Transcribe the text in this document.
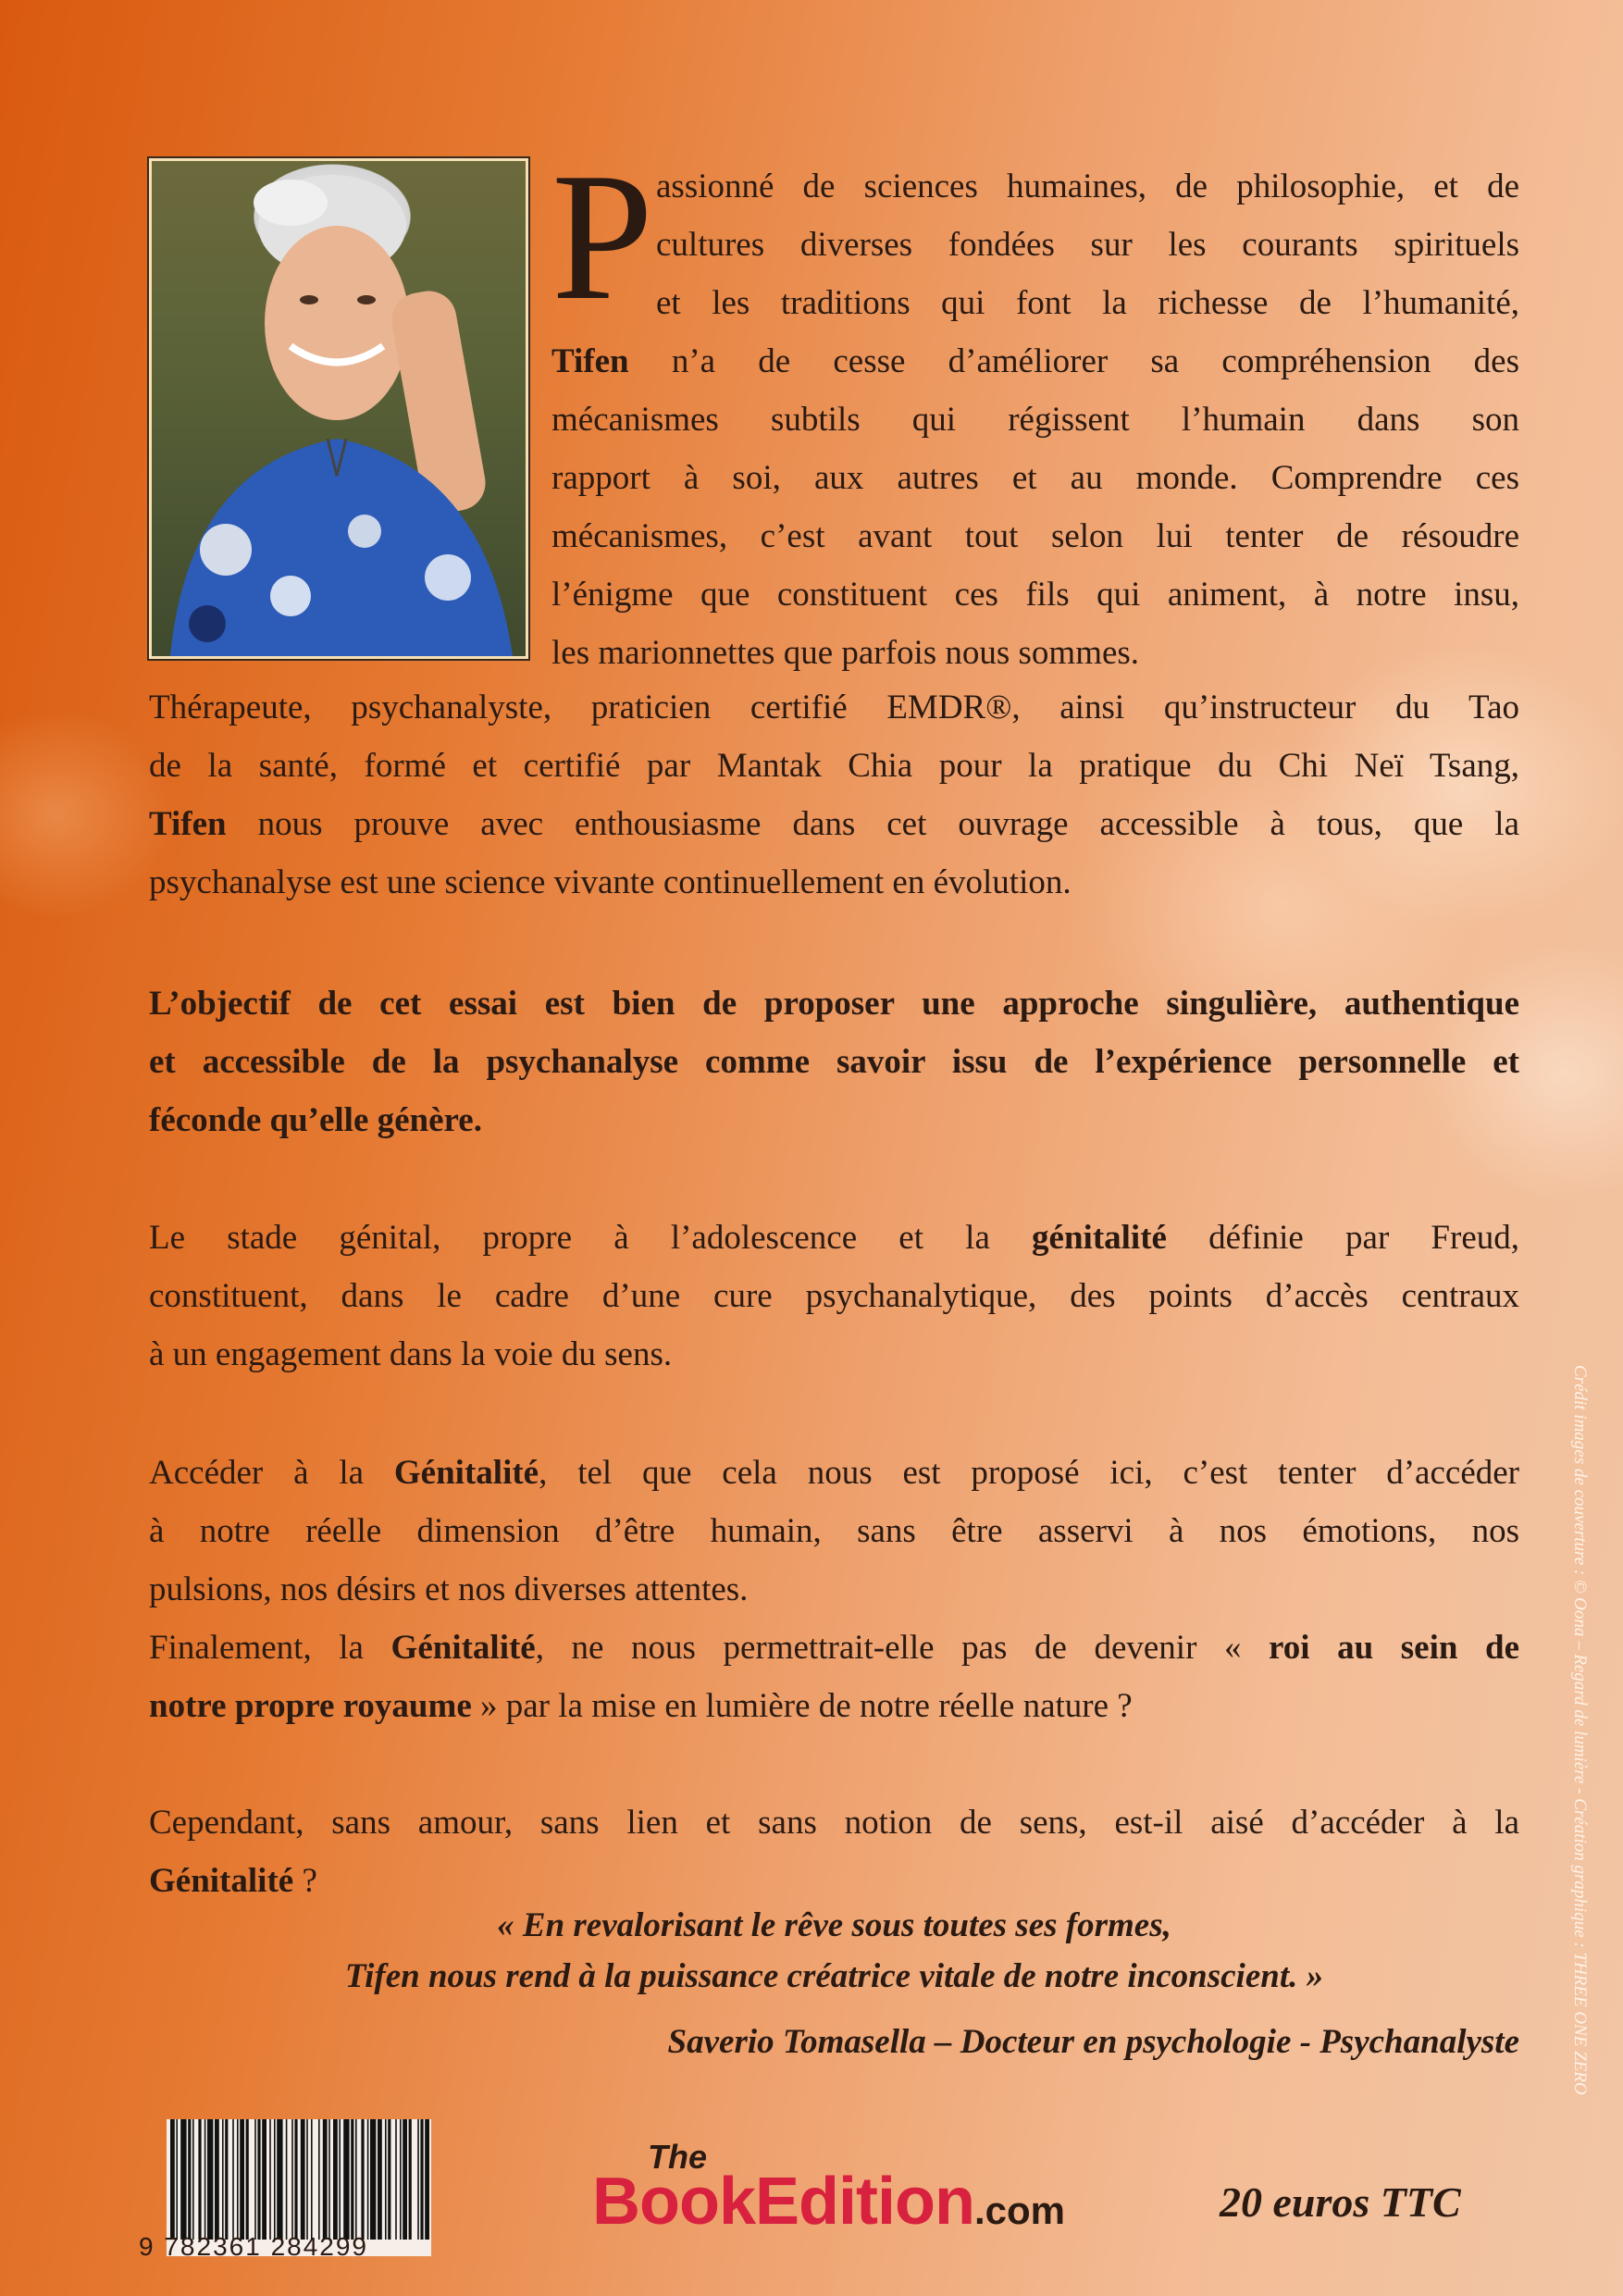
P assionné de sciences humaines, de philosophie, et de
cultures diverses fondées sur les courants spirituels
et les traditions qui font la richesse de l’humanité,
Tifen n’a de cesse d’améliorer sa compréhension des
mécanismes subtils qui régissent l’humain dans son
rapport à soi, aux autres et au monde. Comprendre ces
mécanismes, c’est avant tout selon lui tenter de résoudre
l’énigme que constituent ces fils qui animent, à notre insu,
les marionnettes que parfois nous sommes.
Thérapeute, psychanalyste, praticien certifié EMDR®, ainsi qu’instructeur du Tao
de la santé, formé et certifié par Mantak Chia pour la pratique du Chi Neï Tsang,
Tifen nous prouve avec enthousiasme dans cet ouvrage accessible à tous, que la
psychanalyse est une science vivante continuellement en évolution.
L’objectif de cet essai est bien de proposer une approche singulière, authentique
et accessible de la psychanalyse comme savoir issu de l’expérience personnelle et
féconde qu’elle génère.
Le stade génital, propre à l’adolescence et la génitalité définie par Freud,
constituent, dans le cadre d’une cure psychanalytique, des points d’accès centraux
à un engagement dans la voie du sens.
Accéder à la Génitalité, tel que cela nous est proposé ici, c’est tenter d’accéder
à notre réelle dimension d’être humain, sans être asservi à nos émotions, nos
pulsions, nos désirs et nos diverses attentes.
Finalement, la Génitalité, ne nous permettrait-elle pas de devenir « roi au sein de
notre propre royaume » par la mise en lumière de notre réelle nature ?
Cependant, sans amour, sans lien et sans notion de sens, est-il aisé d’accéder à la
Génitalité ?
« En revalorisant le rêve sous toutes ses formes,
Tifen nous rend à la puissance créatrice vitale de notre inconscient. »
Saverio Tomasella – Docteur en psychologie - Psychanalyste	Crédit images de couverture : © Oona – Regard de lumière - Création graphique : THREE ONE ZERO
9 782361 284299
The
BookEdition.com	20 euros TTC
